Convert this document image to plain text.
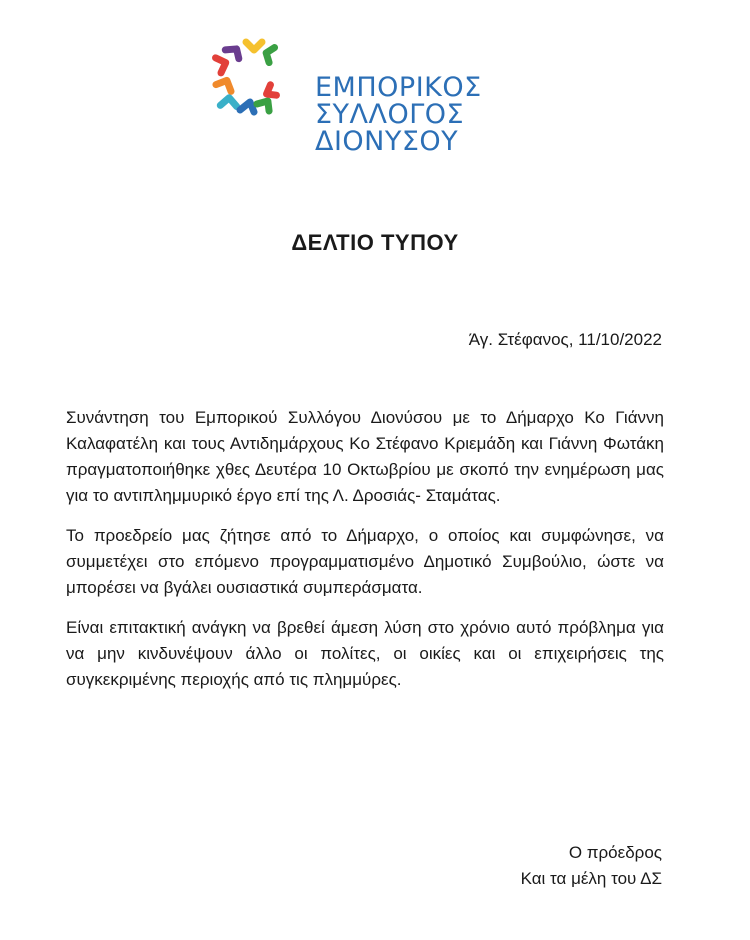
ΕΜΠΟΡΙΚΟΣ
ΣΥΛΛΟΓΟΣ
ΔΙΟΝΥΣΟΥ
ΔΕΛΤΙΟ ΤΥΠΟΥ
Άγ. Στέφανος, 11/10/2022

Συνάντηση του Εμπορικού Συλλόγου Διονύσου με το Δήμαρχο Κο Γιάννη Καλαφατέλη και τους Αντιδημάρχους Κο Στέφανο Κριεμάδη και Γιάννη Φωτάκη πραγματοποιήθηκε χθες Δευτέρα 10 Οκτωβρίου με σκοπό την ενημέρωση μας για το αντιπλημμυρικό έργο επί της Λ. Δροσιάς- Σταμάτας.

Το προεδρείο μας ζήτησε από το Δήμαρχο, ο οποίος και συμφώνησε, να συμμετέχει στο επόμενο προγραμματισμένο Δημοτικό Συμβούλιο, ώστε να μπορέσει να βγάλει ουσιαστικά συμπεράσματα.

Είναι επιτακτική ανάγκη να βρεθεί άμεση λύση στο χρόνιο αυτό πρόβλημα για να μην κινδυνέψουν άλλο οι πολίτες, οι οικίες και οι επιχειρήσεις της συγκεκριμένης περιοχής από τις πλημμύρες.

Ο πρόεδρος
Και τα μέλη του ΔΣ
